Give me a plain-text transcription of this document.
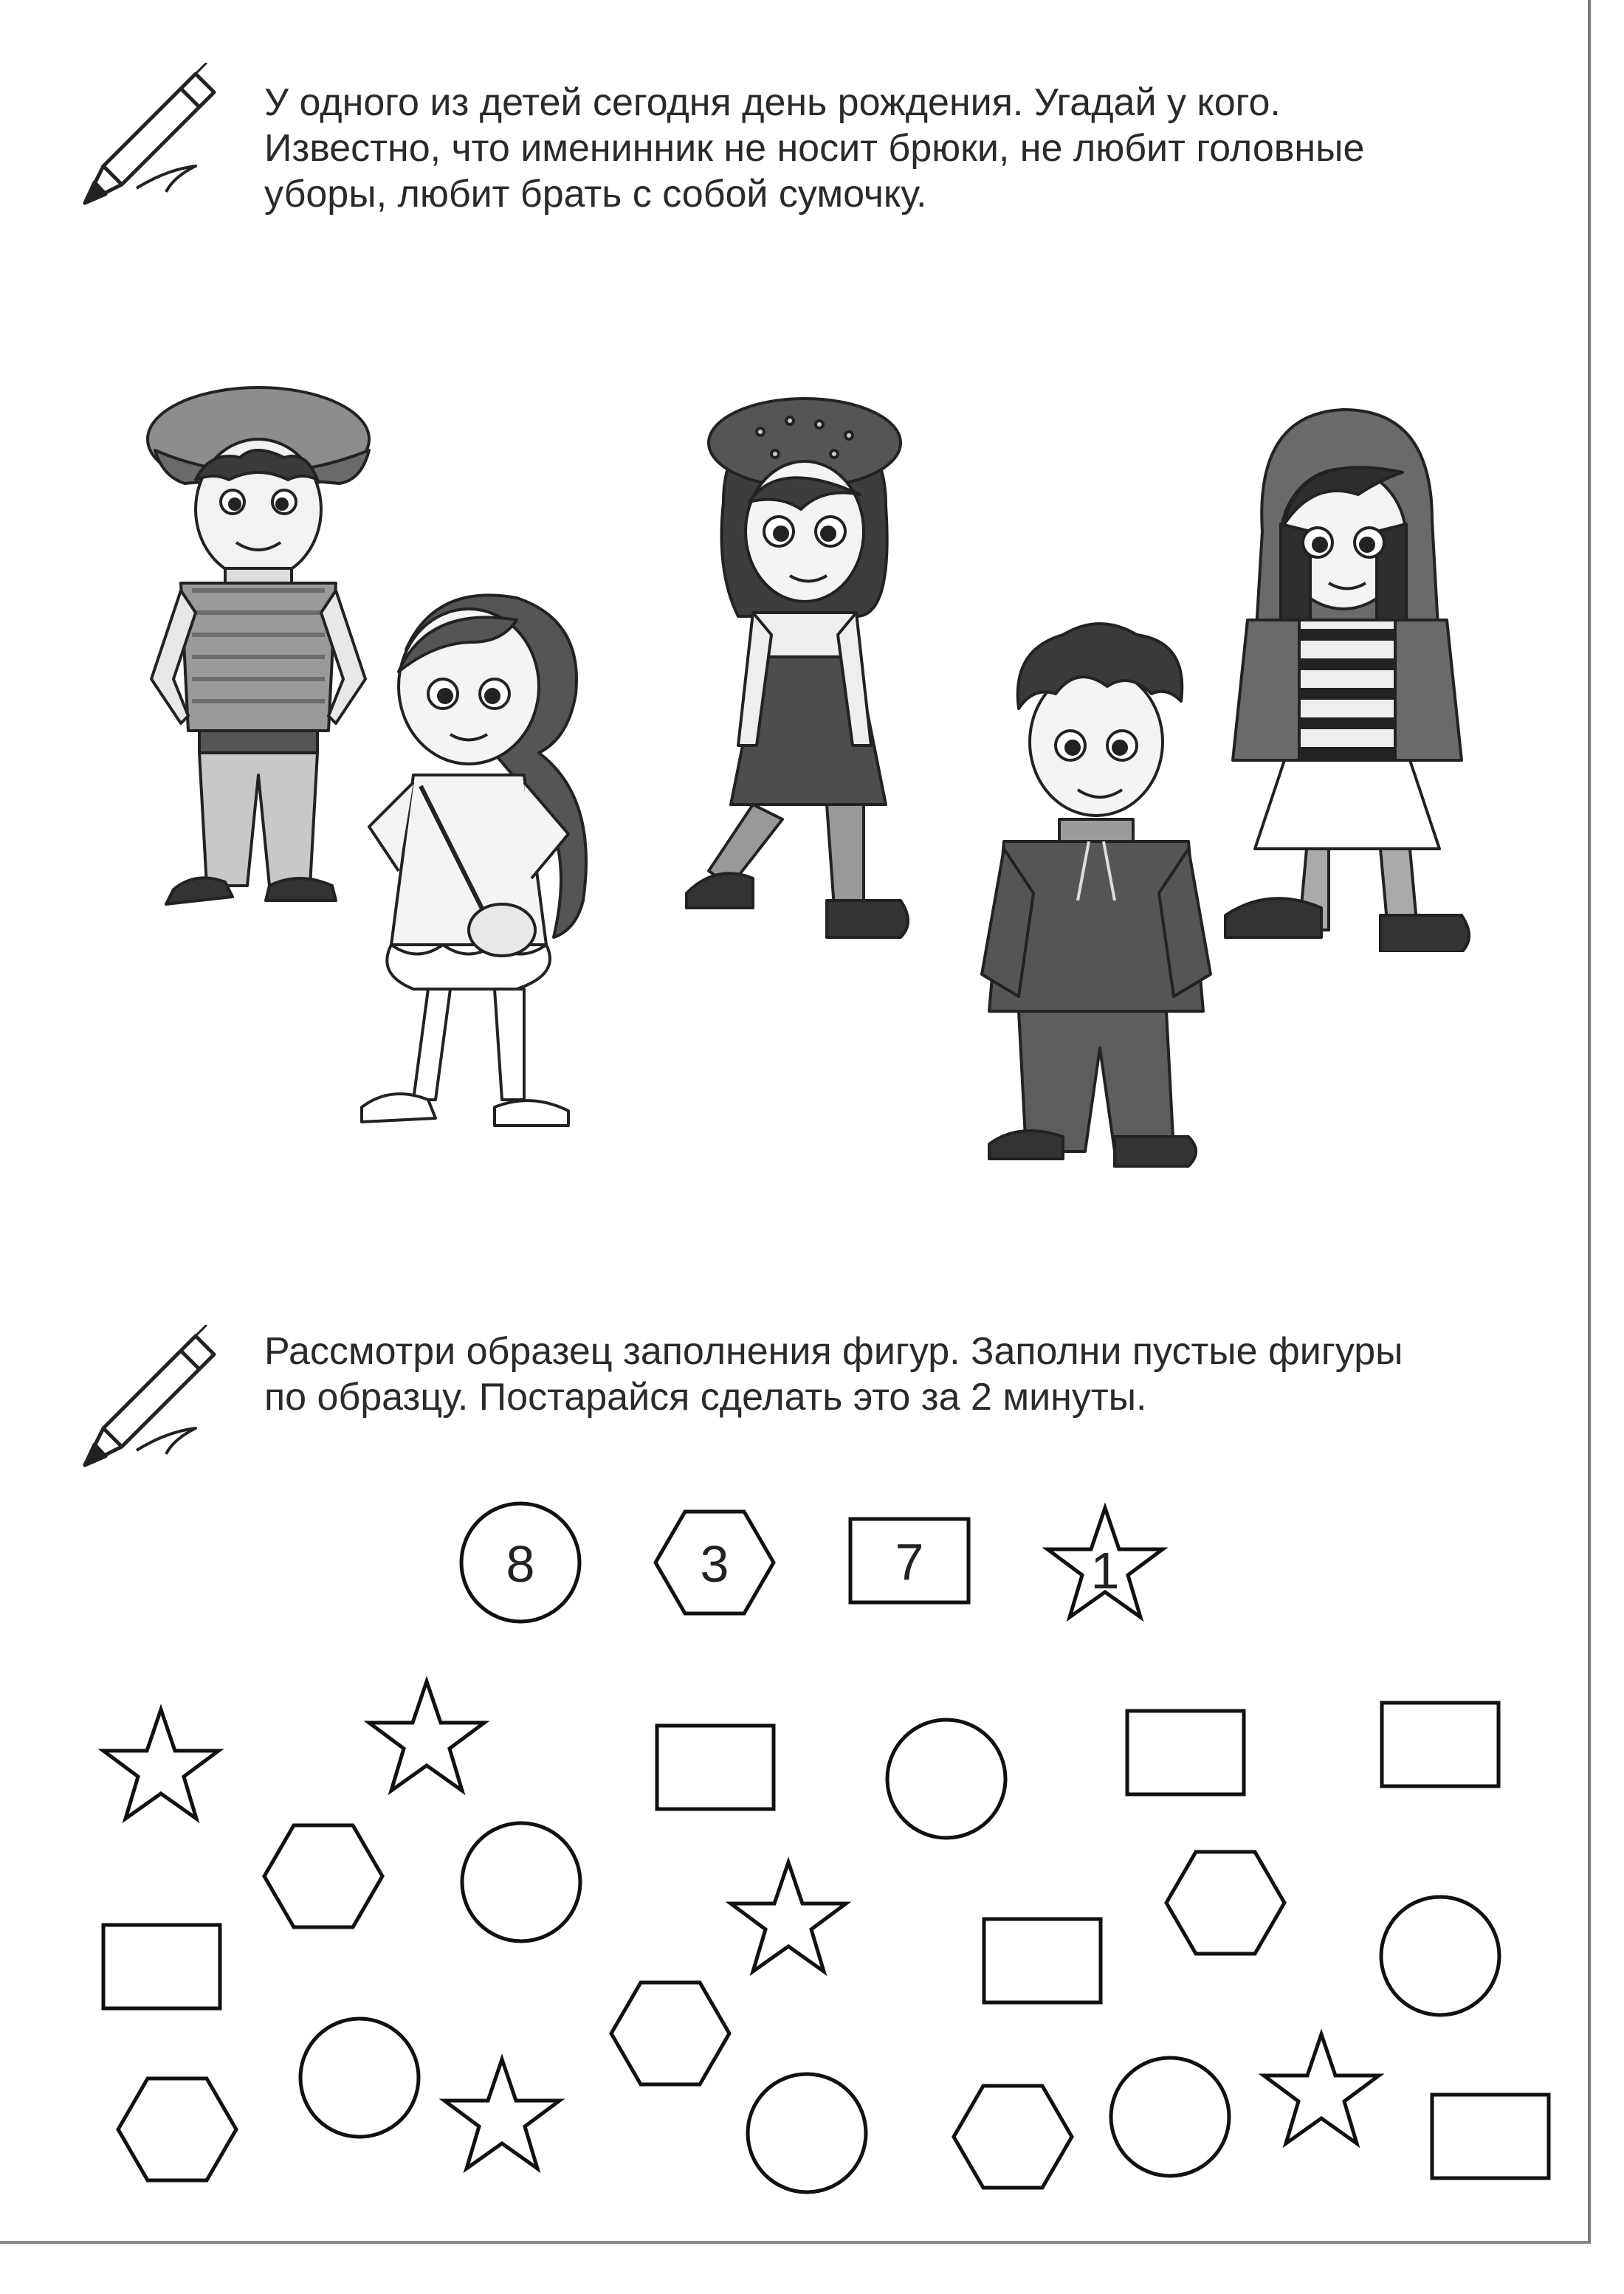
У одного из детей сегодня день рождения. Угадай у кого.
Известно, что именинник не носит брюки, не любит головные
уборы, любит брать с собой сумочку.
Рассмотри образец заполнения фигур. Заполни пустые фигуры
по образцу. Постарайся сделать это за 2 минуты.
8	3	7	1
